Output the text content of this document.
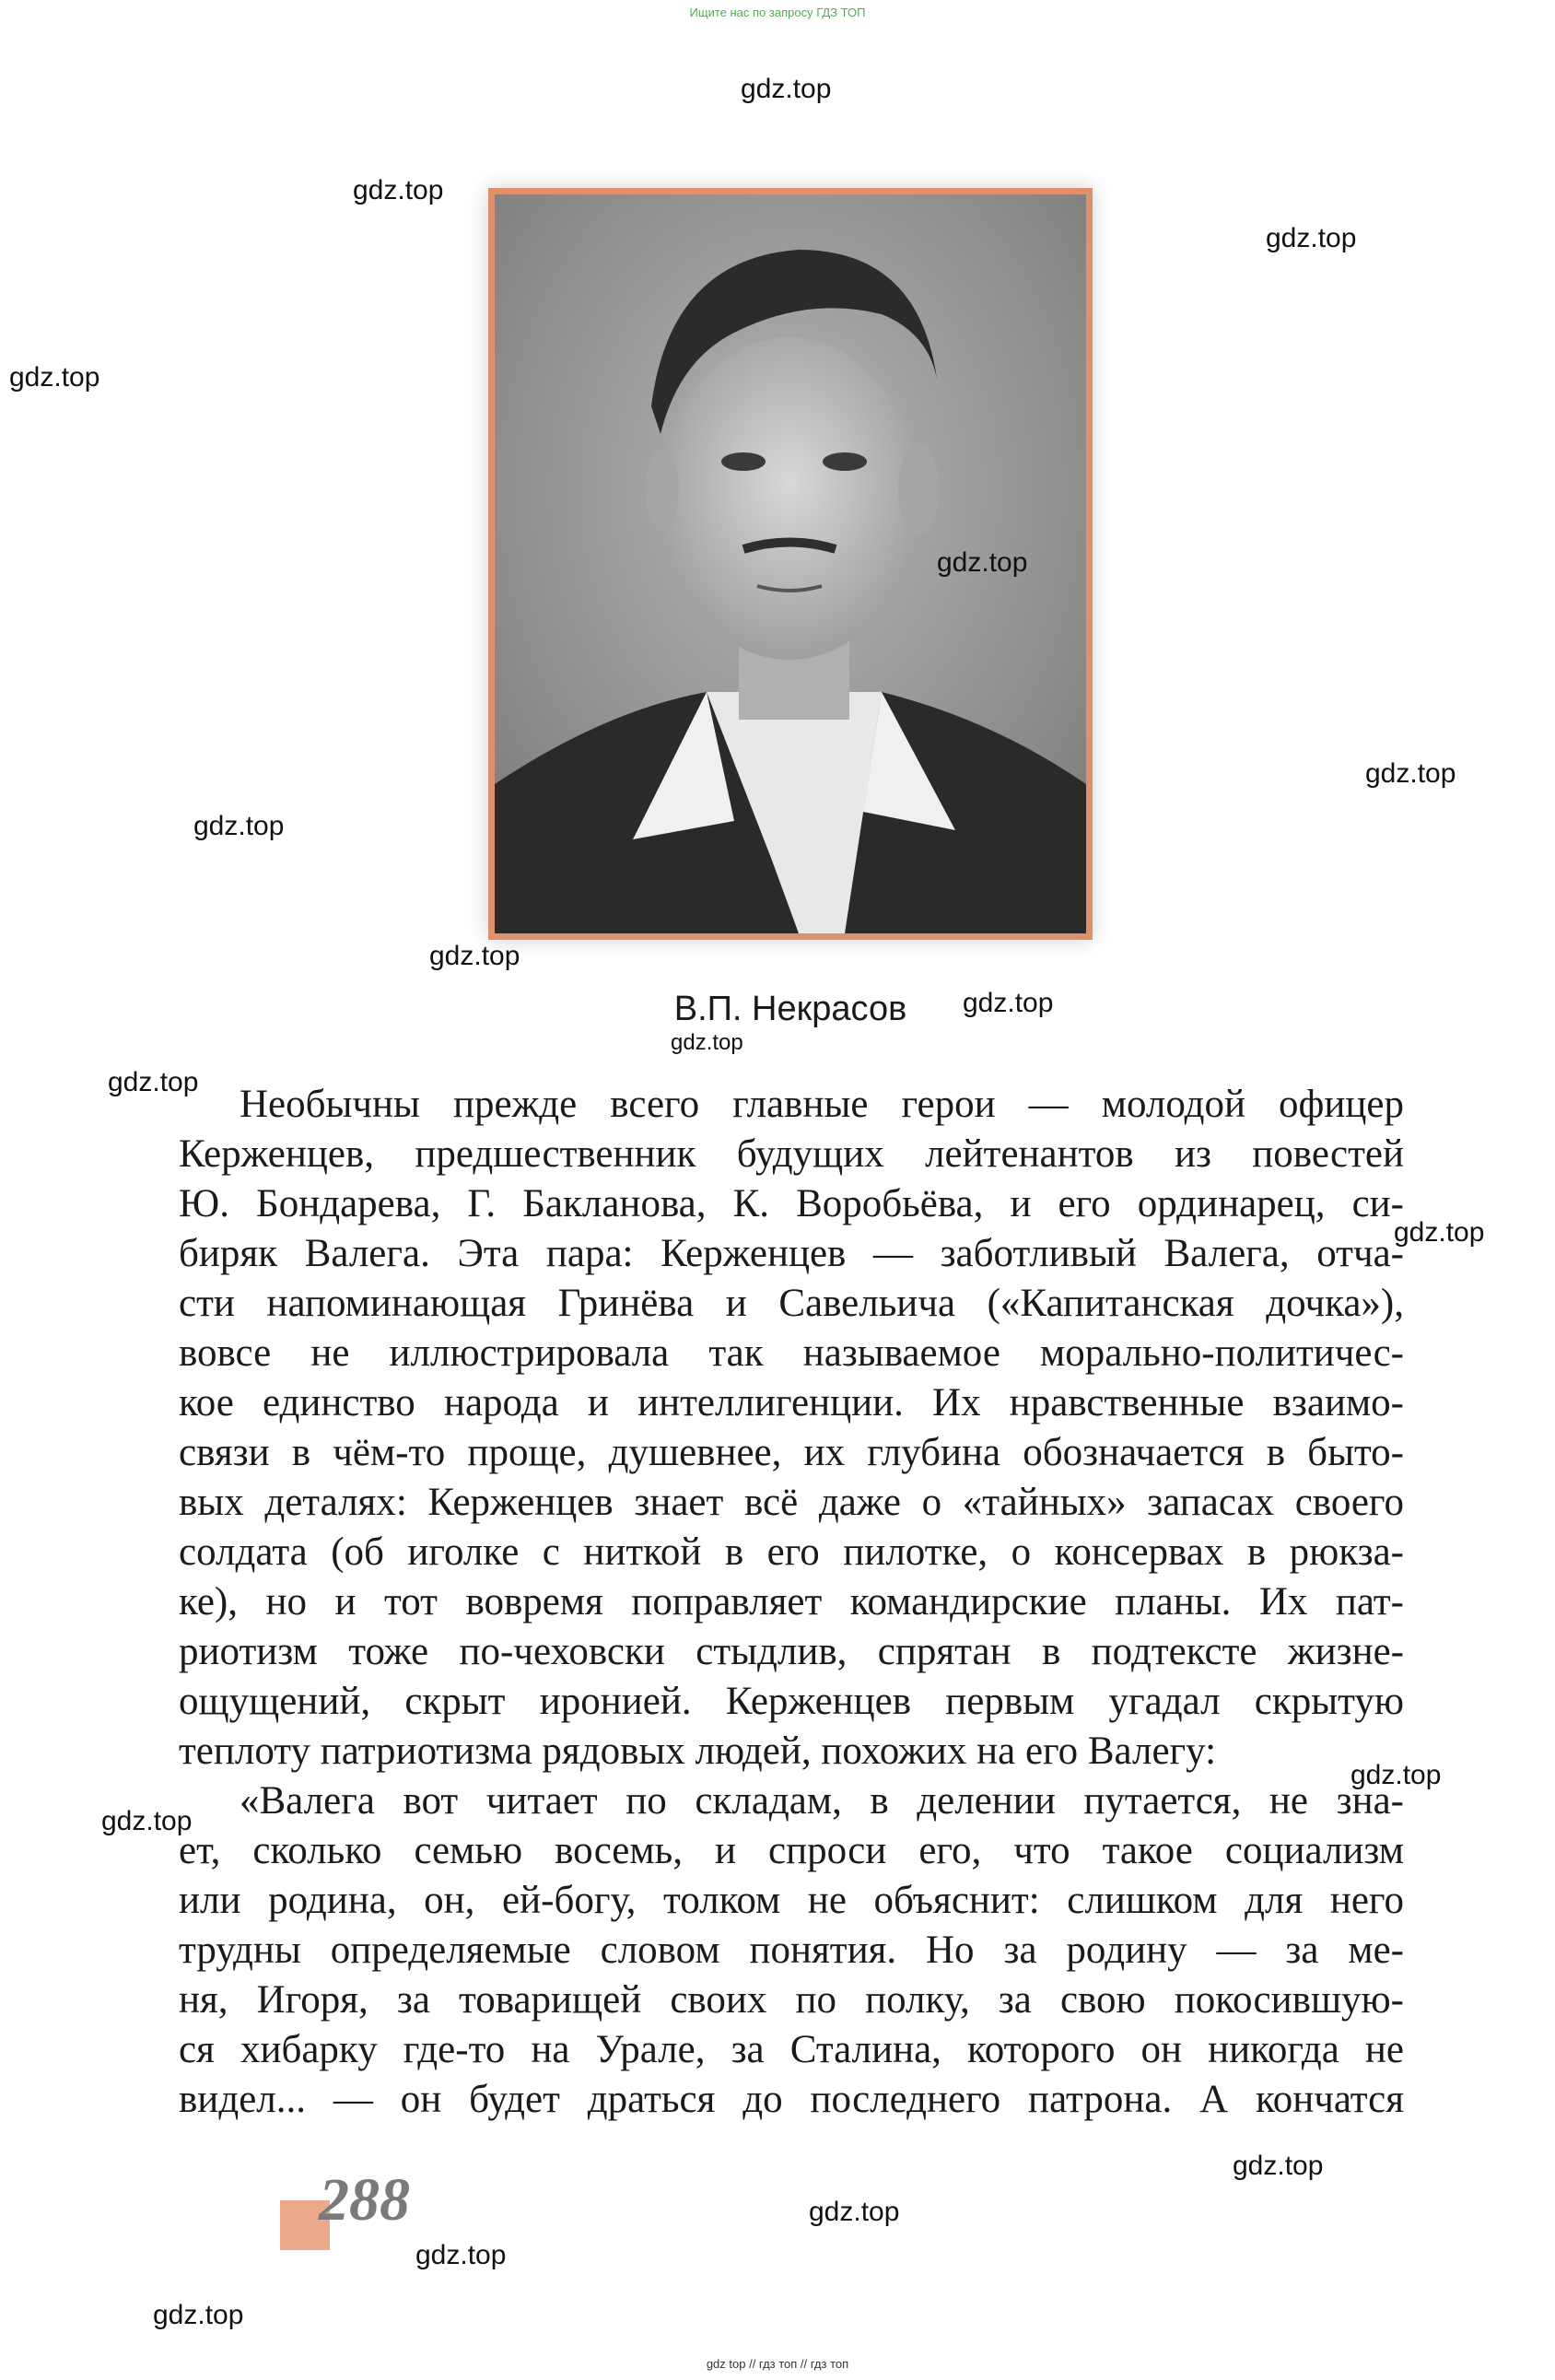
Ищите нас по запросу ГДЗ ТОП
В.П. Некрасов

Необычны прежде всего главные герои — молодой офицер
Керженцев, предшественник будущих лейтенантов из повестей
Ю. Бондарева, Г. Бакланова, К. Воробьёва, и его ординарец, си-
биряк Валега. Эта пара: Керженцев — заботливый Валега, отча-
сти напоминающая Гринёва и Савельича («Капитанская дочка»),
вовсе не иллюстрировала так называемое морально-политичес-
кое единство народа и интеллигенции. Их нравственные взаимо-
связи в чём-то проще, душевнее, их глубина обозначается в быто-
вых деталях: Керженцев знает всё даже о «тайных» запасах своего
солдата (об иголке с ниткой в его пилотке, о консервах в рюкза-
ке), но и тот вовремя поправляет командирские планы. Их пат-
риотизм тоже по-чеховски стыдлив, спрятан в подтексте жизне-
ощущений, скрыт иронией. Керженцев первым угадал скрытую
теплоту патриотизма рядовых людей, похожих на его Валегу:

«Валега вот читает по складам, в делении путается, не зна-
ет, сколько семью восемь, и спроси его, что такое социализм
или родина, он, ей-богу, толком не объяснит: слишком для него
трудны определяемые словом понятия. Но за родину — за ме-
ня, Игоря, за товарищей своих по полку, за свою покосившую-
ся хибарку где-то на Урале, за Сталина, которого он никогда не
видел... — он будет драться до последнего патрона. А кончатся

288
gdz.top
gdz.top
gdz.top
gdz.top
gdz.top
gdz.top
gdz.top
gdz.top
gdz.top
gdz.top
gdz.top
gdz.top
gdz.top
gdz.top
gdz.top
gdz.top
gdz.top
gdz.top
gdz top // гдз топ // гдз топ
